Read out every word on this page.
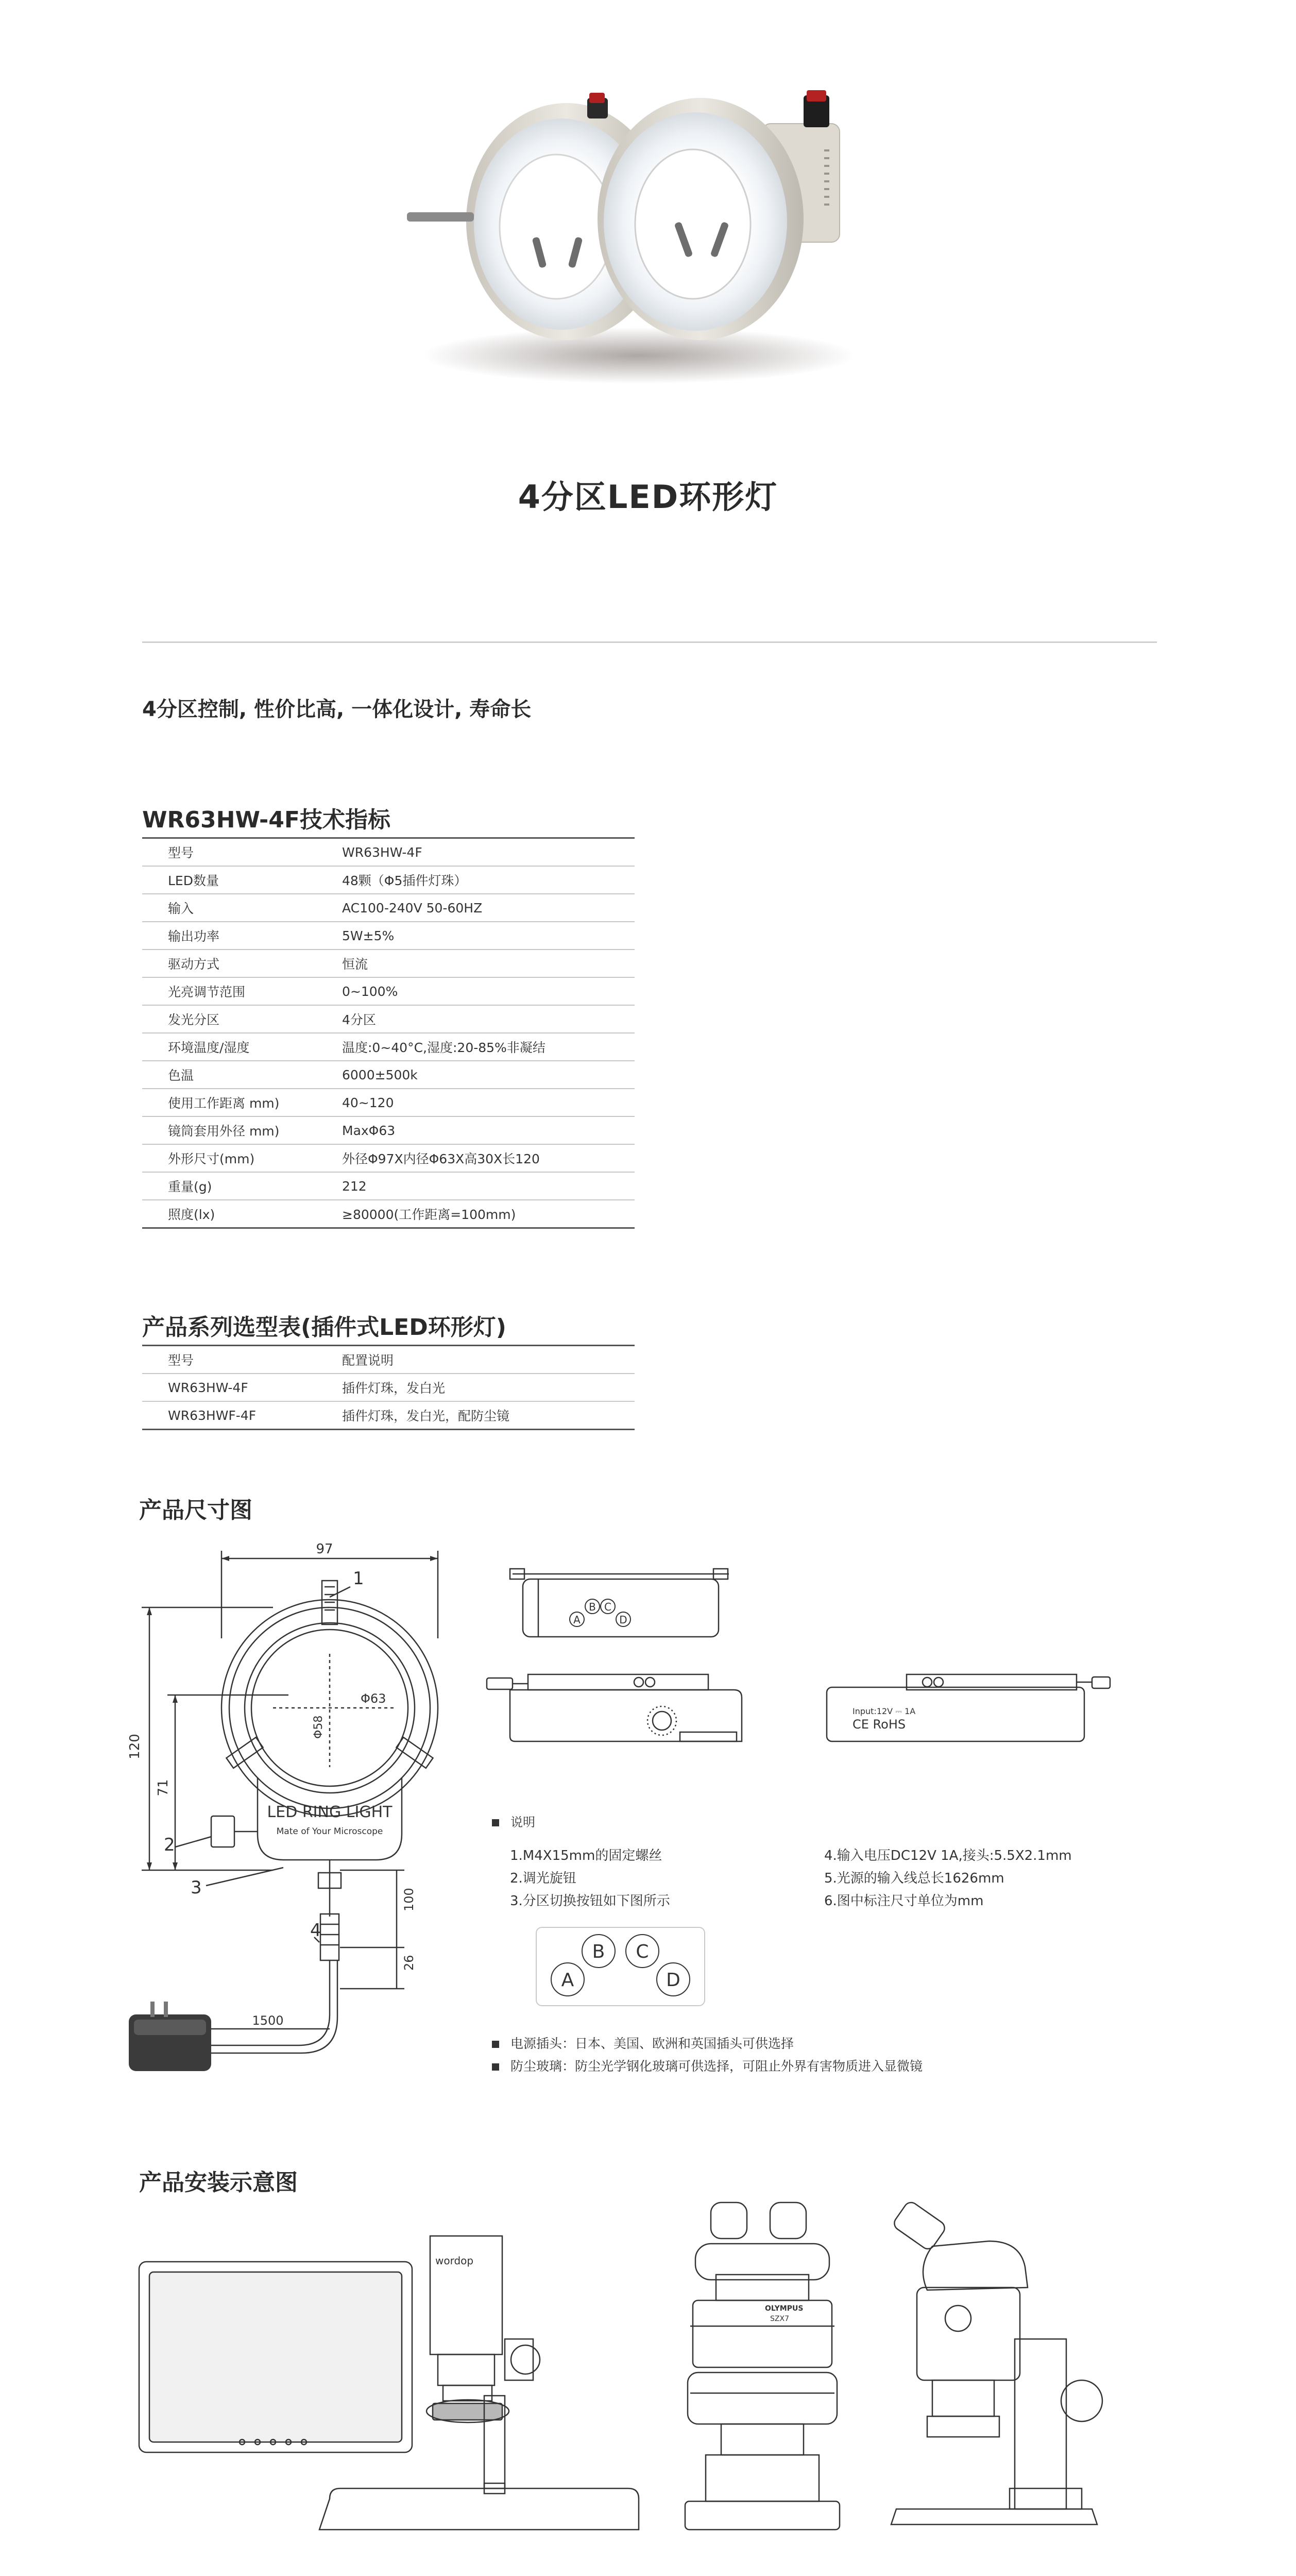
4分区LED环形灯
4分区控制, 性价比高, 一体化设计, 寿命长
WR63HW-4F技术指标
型号	WR63HW-4F
LED数量	48颗（Φ5插件灯珠）
输入	AC100-240V 50-60HZ
输出功率	5W±5%
驱动方式	恒流
光亮调节范围	0~100%
发光分区	4分区
环境温度/湿度	温度:0~40°C,湿度:20-85%非凝结
色温	6000±500k
使用工作距离 mm)	40~120
镜筒套用外径 mm)	MaxΦ63
外形尺寸(mm)	外径Φ97X内径Φ63X高30X长120
重量(g)	212
照度(lx)	≥80000(工作距离=100mm)
产品系列选型表(插件式LED环形灯)
型号	配置说明
WR63HW-4F	插件灯珠，发白光
WR63HWF-4F	插件灯珠，发白光，配防尘镜
产品尺寸图
97
120
71
Φ63
Φ58
100
26
1500
1
2
3
4
LED RING LIGHT
Mate of Your Microscope
A
B C
D
Input:12V ⎓ 1A
CE RoHS
说明
1.M4X15mm的固定螺丝
2.调光旋钮
3.分区切换按钮如下图所示
4.输入电压DC12V 1A,接头:5.5X2.1mm
5.光源的输入线总长1626mm
6.图中标注尺寸单位为mm
A
B C
D
电源插头：日本、美国、欧洲和英国插头可供选择
防尘玻璃：防尘光学钢化玻璃可供选择，可阻止外界有害物质进入显微镜
产品安装示意图
wordop
OLYMPUS
SZX7
